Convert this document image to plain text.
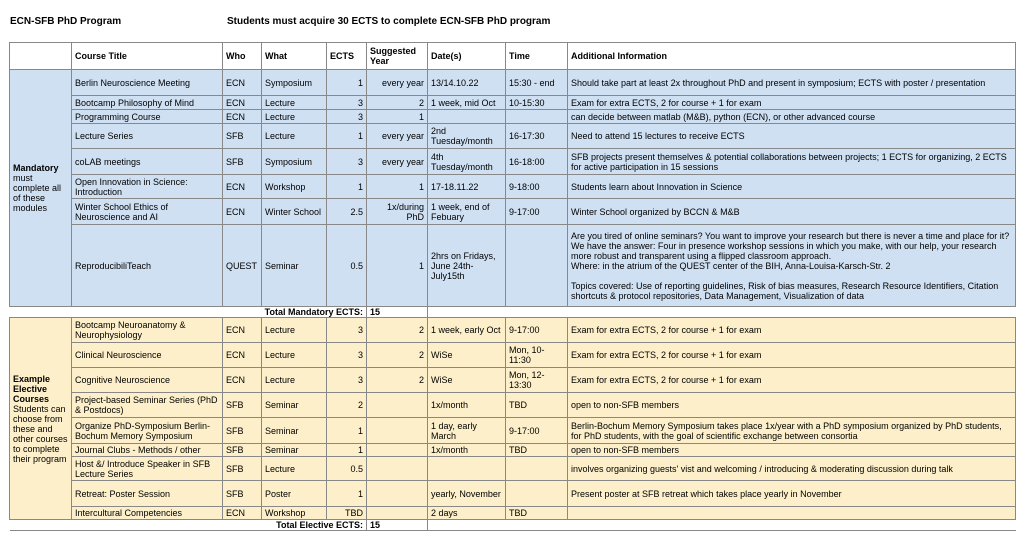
ECN-SFB PhD Program	Students must acquire 30 ECTS to complete ECN-SFB PhD program
	Course Title	Who	What	ECTS	Suggested Year	Date(s)	Time	Additional Information

Mandatory
must complete all of these modules	Berlin Neuroscience Meeting	ECN	Symposium	1	every year	13/14.10.22	15:30 - end	Should take part at least 2x throughout PhD and present in symposium; ECTS with poster / presentation
	Bootcamp Philosophy of Mind	ECN	Lecture	3	2	1 week, mid Oct	10-15:30	Exam for extra ECTS, 2 for course + 1 for exam
	Programming Course	ECN	Lecture	3	1			can decide between matlab (M&B), python (ECN), or other advanced course
	Lecture Series	SFB	Lecture	1	every year	2nd Tuesday/month	16-17:30	Need to attend 15 lectures to receive ECTS
	coLAB meetings	SFB	Symposium	3	every year	4th Tuesday/month	16-18:00	SFB projects present themselves & potential collaborations between projects; 1 ECTS for organizing, 2 ECTS for active participation in 15 sessions
	Open Innovation in Science: Introduction	ECN	Workshop	1	1	17-18.11.22	9-18:00	Students learn about Innovation in Science
	Winter School Ethics of Neuroscience and AI	ECN	Winter School	2.5	1x/during PhD	1 week, end of Febuary	9-17:00	Winter School organized by BCCN & M&B
	ReproducibiliTeach	QUEST	Seminar	0.5	1	2hrs on Fridays, June 24th-July15th		Are you tired of online seminars? You want to improve your research but there is never a time and place for it? We have the answer: Four in presence workshop sessions in which you make, with our help, your research more robust and transparent using a flipped classroom approach.
Where: in the atrium of the QUEST center of the BIH, Anna-Louisa-Karsch-Str. 2

Topics covered: Use of reporting guidelines, Risk of bias measures, Research Resource Identifiers, Citation shortcuts & protocol repositories, Data Management, Visualization of data
		Total Mandatory ECTS:			15			

Example Elective Courses
Students can choose from these and other courses to complete their program	Bootcamp Neuroanatomy & Neurophysiology	ECN	Lecture	3	2	1 week, early Oct	9-17:00	Exam for extra ECTS, 2 for course + 1 for exam
	Clinical Neuroscience	ECN	Lecture	3	2	WiSe	Mon, 10-11:30	Exam for extra ECTS, 2 for course + 1 for exam
	Cognitive Neuroscience	ECN	Lecture	3	2	WiSe	Mon, 12-13:30	Exam for extra ECTS, 2 for course + 1 for exam
	Project-based Seminar Series (PhD & Postdocs)	SFB	Seminar	2		1x/month	TBD	open to non-SFB members
	Organize PhD-Symposium Berlin-Bochum Memory Symposium	SFB	Seminar	1		1 day, early March	9-17:00	Berlin-Bochum Memory Symposium takes place 1x/year with a PhD symposium organized by PhD students, for PhD students, with the goal of scientific exchange between consortia
	Journal Clubs - Methods / other	SFB	Seminar	1		1x/month	TBD	open to non-SFB members
	Host &/ Introduce Speaker in SFB Lecture Series	SFB	Lecture	0.5				involves organizing guests' vist and welcoming / introducing & moderating discussion during talk
	Retreat: Poster Session	SFB	Poster	1		yearly, November		Present poster at SFB retreat which takes place yearly in November
	Intercultural Competencies	ECN	Workshop	TBD		2 days	TBD	
		Total Elective ECTS:			15			
